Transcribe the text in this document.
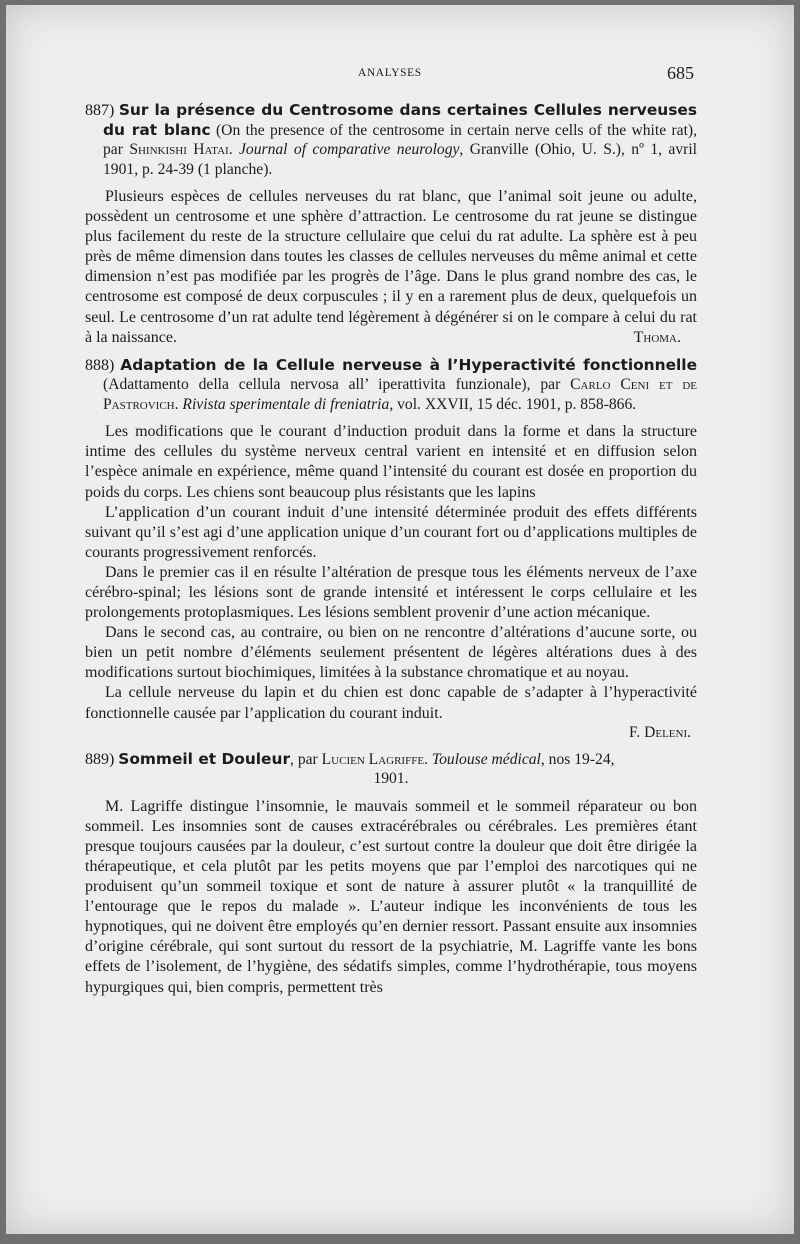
ANALYSES	685

887) Sur la présence du Centrosome dans certaines Cellules nerveuses du rat blanc (On the presence of the centrosome in certain nerve cells of the white rat), par Shinkishi Hatai. Journal of comparative neurology, Granville (Ohio, U. S.), nº 1, avril 1901, p. 24-39 (1 planche).

Plusieurs espèces de cellules nerveuses du rat blanc, que l’animal soit jeune ou adulte, possèdent un centrosome et une sphère d’attraction. Le centrosome du rat jeune se distingue plus facilement du reste de la structure cellulaire que celui du rat adulte. La sphère est à peu près de même dimension dans toutes les classes de cellules nerveuses du même animal et cette dimension n’est pas modifiée par les progrès de l’âge. Dans le plus grand nombre des cas, le centrosome est composé de deux corpuscules ; il y en a rarement plus de deux, quelquefois un seul. Le centrosome d’un rat adulte tend légèrement à dégénérer si on le compare à celui du rat à la naissance.	Thoma.

888) Adaptation de la Cellule nerveuse à l’Hyperactivité fonctionnelle (Adattamento della cellula nervosa all’ iperattivita funzionale), par Carlo Ceni et de Pastrovich. Rivista sperimentale di freniatria, vol. XXVII, 15 déc. 1901, p. 858-866.

Les modifications que le courant d’induction produit dans la forme et dans la structure intime des cellules du système nerveux central varient en intensité et en diffusion selon l’espèce animale en expérience, même quand l’intensité du courant est dosée en proportion du poids du corps. Les chiens sont beaucoup plus résistants que les lapins

L’application d’un courant induit d’une intensité déterminée produit des effets différents suivant qu’il s’est agi d’une application unique d’un courant fort ou d’applications multiples de courants progressivement renforcés.

Dans le premier cas il en résulte l’altération de presque tous les éléments nerveux de l’axe cérébro-spinal; les lésions sont de grande intensité et intéressent le corps cellulaire et les prolongements protoplasmiques. Les lésions semblent provenir d’une action mécanique.

Dans le second cas, au contraire, ou bien on ne rencontre d’altérations d’aucune sorte, ou bien un petit nombre d’éléments seulement présentent de légères altérations dues à des modifications surtout biochimiques, limitées à la substance chromatique et au noyau.

La cellule nerveuse du lapin et du chien est donc capable de s’adapter à l’hyperactivité fonctionnelle causée par l’application du courant induit.

F. Deleni.

889) Sommeil et Douleur, par Lucien Lagriffe. Toulouse médical, nos 19-24,
1901.

M. Lagriffe distingue l’insomnie, le mauvais sommeil et le sommeil réparateur ou bon sommeil. Les insomnies sont de causes extracérébrales ou cérébrales. Les premières étant presque toujours causées par la douleur, c’est surtout contre la douleur que doit être dirigée la thérapeutique, et cela plutôt par les petits moyens que par l’emploi des narcotiques qui ne produisent qu’un sommeil toxique et sont de nature à assurer plutôt « la tranquillité de l’entourage que le repos du malade ». L’auteur indique les inconvénients de tous les hypnotiques, qui ne doivent être employés qu’en dernier ressort. Passant ensuite aux insomnies d’origine cérébrale, qui sont surtout du ressort de la psychiatrie, M. Lagriffe vante les bons effets de l’isolement, de l’hygiène, des sédatifs simples, comme l’hydrothérapie, tous moyens hypurgiques qui, bien compris, permettent très
